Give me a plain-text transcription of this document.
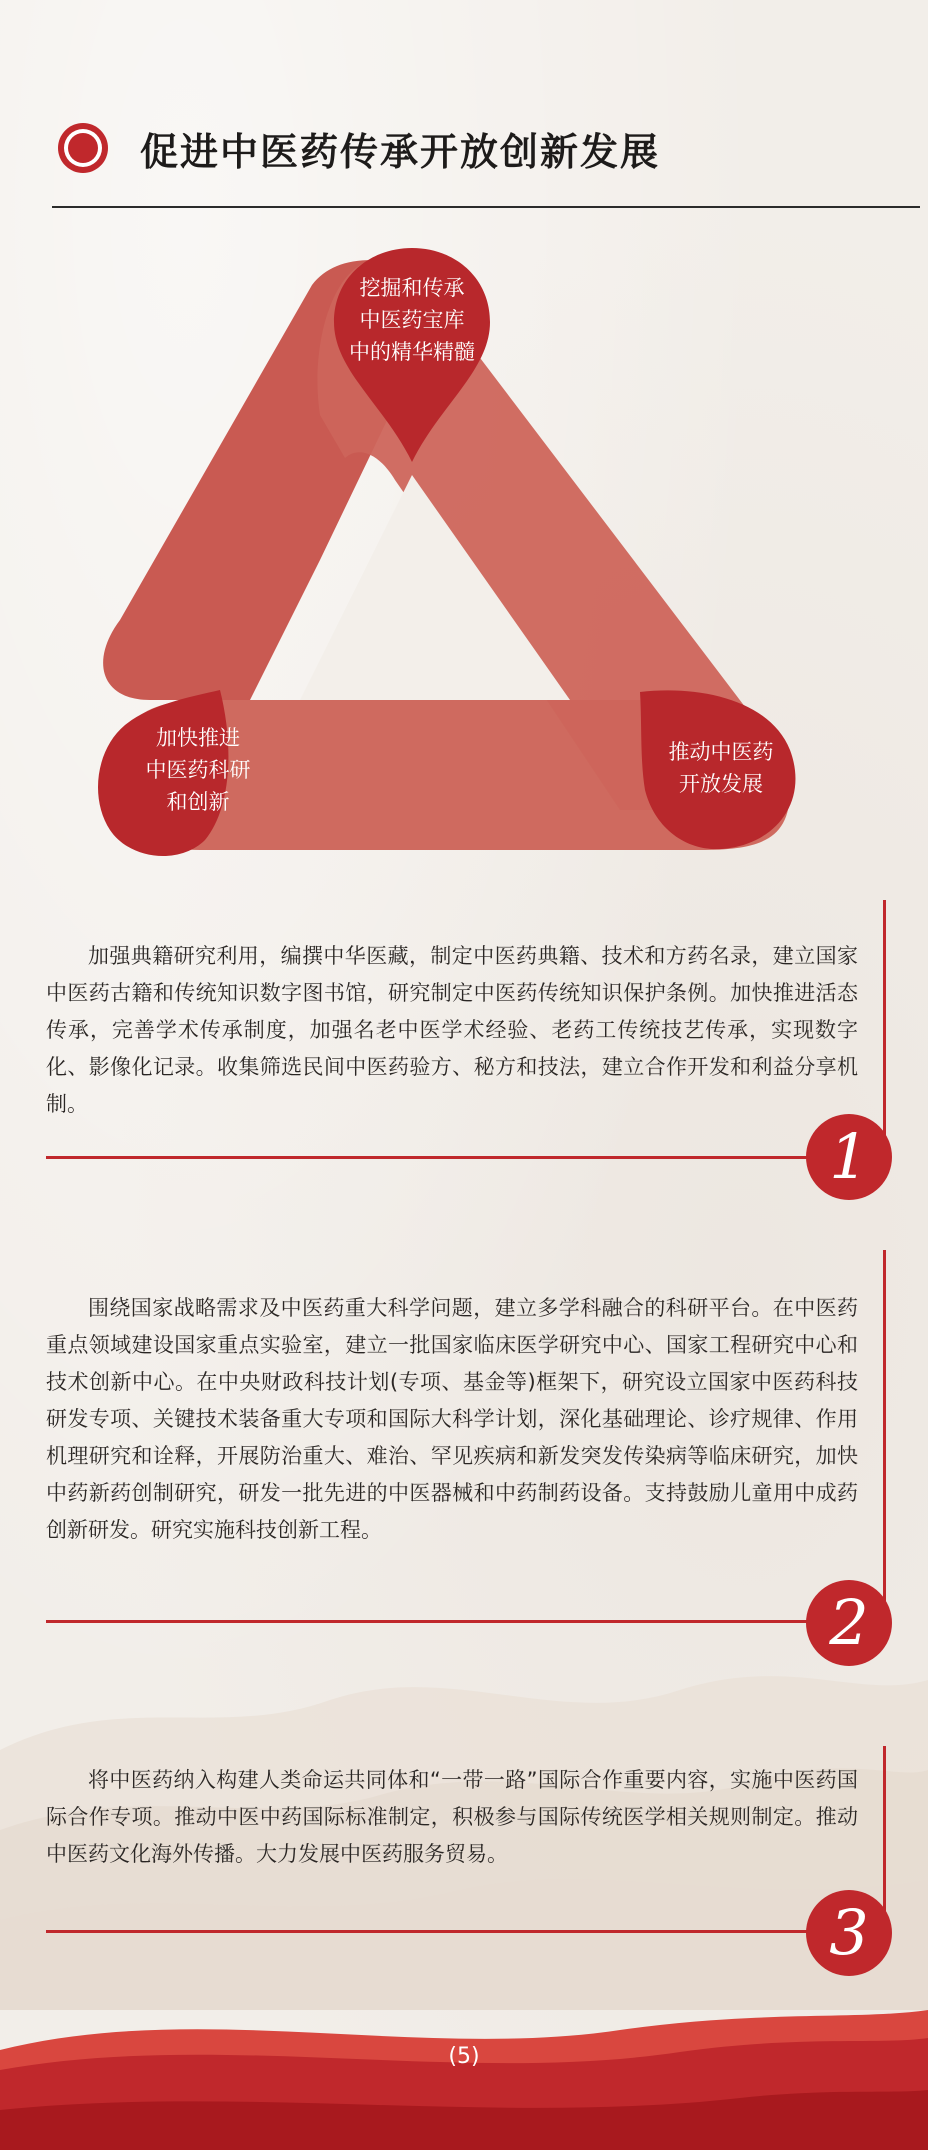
促进中医药传承开放创新发展
挖掘和传承
中医药宝库
中的精华精髓
加快推进
中医药科研
和创新
推动中医药
开放发展
加强典籍研究利用，编撰中华医藏，制定中医药典籍、技术和方药名录，建立国家中医药古籍和传统知识数字图书馆，研究制定中医药传统知识保护条例。加快推进活态传承，完善学术传承制度，加强名老中医学术经验、老药工传统技艺传承，实现数字化、影像化记录。收集筛选民间中医药验方、秘方和技法，建立合作开发和利益分享机制。
1
围绕国家战略需求及中医药重大科学问题，建立多学科融合的科研平台。在中医药重点领域建设国家重点实验室，建立一批国家临床医学研究中心、国家工程研究中心和技术创新中心。在中央财政科技计划(专项、基金等)框架下，研究设立国家中医药科技研发专项、关键技术装备重大专项和国际大科学计划，深化基础理论、诊疗规律、作用机理研究和诠释，开展防治重大、难治、罕见疾病和新发突发传染病等临床研究，加快中药新药创制研究，研发一批先进的中医器械和中药制药设备。支持鼓励儿童用中成药创新研发。研究实施科技创新工程。
2
将中医药纳入构建人类命运共同体和“一带一路”国际合作重要内容，实施中医药国际合作专项。推动中医中药国际标准制定，积极参与国际传统医学相关规则制定。推动中医药文化海外传播。大力发展中医药服务贸易。
3
(5)
